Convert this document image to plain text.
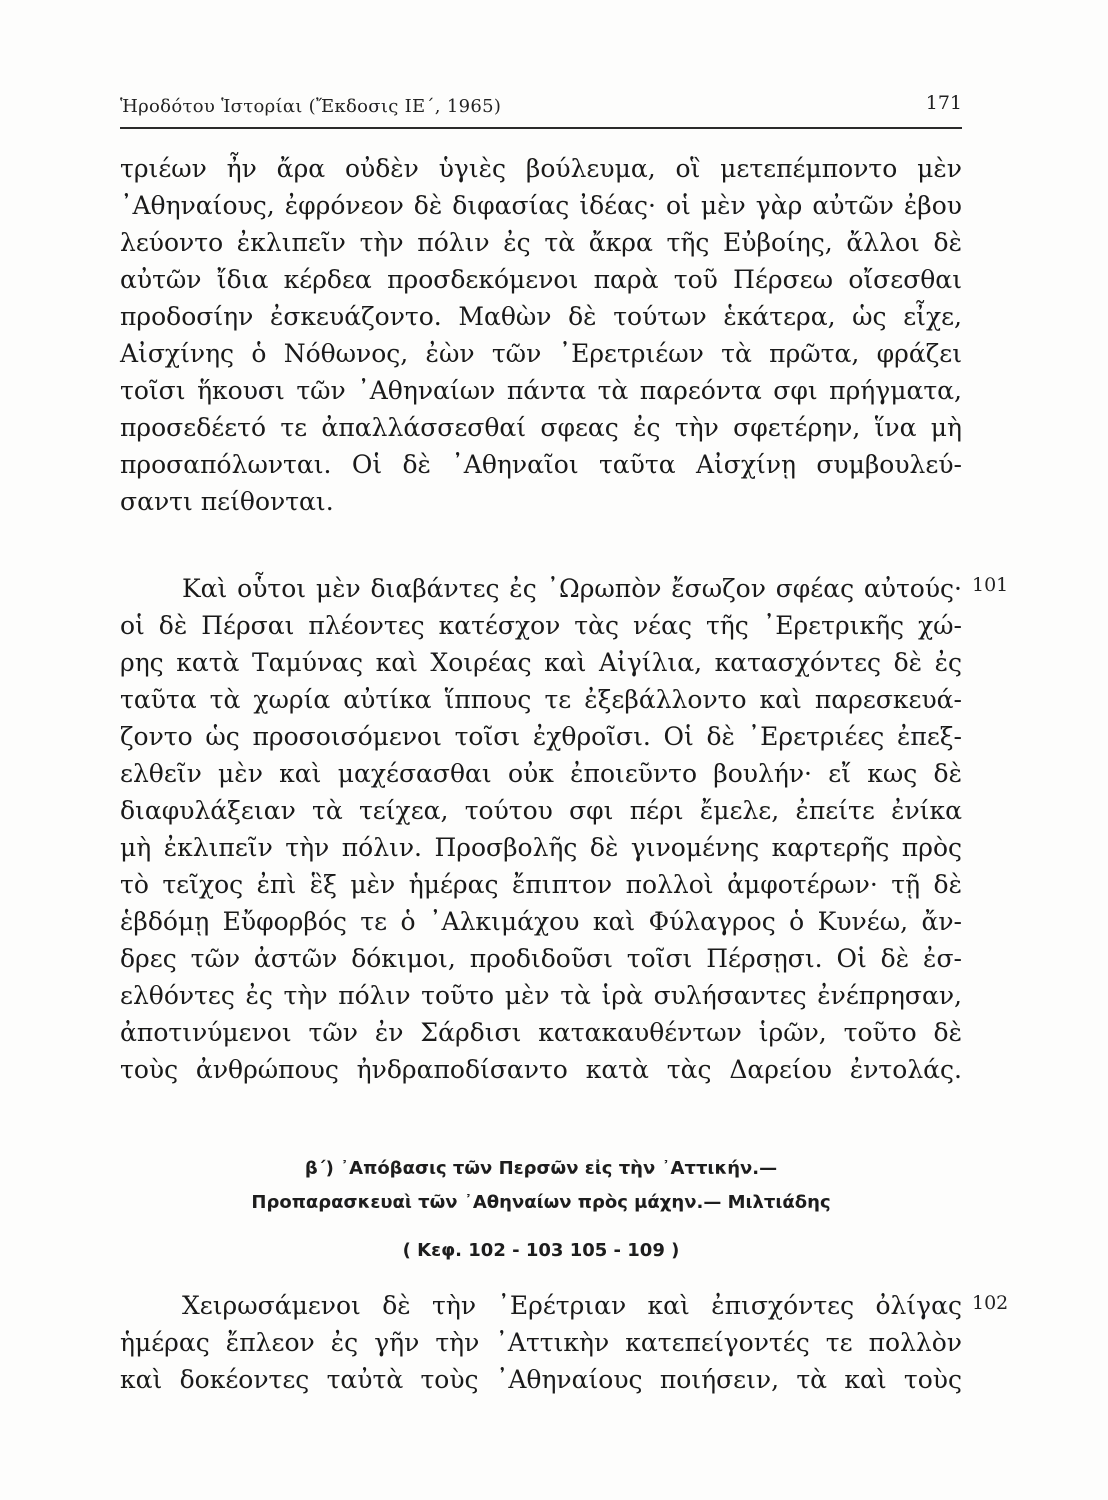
Ἡροδότου Ἱστορίαι (Ἔκδοσις ΙΕ΄, 1965)	171
τριέων ἦν ἄρα οὐδὲν ὑγιὲς βούλευμα, οἳ μετεπέμποντο μὲν
᾽Αθηναίους, ἐφρόνεον δὲ διφασίας ἰδέας· οἱ μὲν γὰρ αὐτῶν ἐβου
λεύοντο ἐκλιπεῖν τὴν πόλιν ἐς τὰ ἄκρα τῆς Εὐβοίης, ἄλλοι δὲ
αὐτῶν ἴδια κέρδεα προσδεκόμενοι παρὰ τοῦ Πέρσεω οἴσεσθαι
προδοσίην ἐσκευάζοντο. Μαθὼν δὲ τούτων ἑκάτερα, ὡς εἶχε,
Αἰσχίνης ὁ Νόθωνος, ἐὼν τῶν ᾽Ερετριέων τὰ πρῶτα, φράζει
τοῖσι ἥκουσι τῶν ᾽Αθηναίων πάντα τὰ παρεόντα σφι πρήγματα,
προσεδέετό τε ἀπαλλάσσεσθαί σφεας ἐς τὴν σφετέρην, ἵνα μὴ
προσαπόλωνται. Οἱ δὲ ᾽Αθηναῖοι ταῦτα Αἰσχίνῃ συμβουλεύ-
σαντι πείθονται.
101
Καὶ οὗτοι μὲν διαβάντες ἐς ᾽Ωρωπὸν ἔσωζον σφέας αὐτούς·
οἱ δὲ Πέρσαι πλέοντες κατέσχον τὰς νέας τῆς ᾽Ερετρικῆς χώ-
ρης κατὰ Ταμύνας καὶ Χοιρέας καὶ Αἰγίλια, κατασχόντες δὲ ἐς
ταῦτα τὰ χωρία αὐτίκα ἵππους τε ἐξεβάλλοντο καὶ παρεσκευά-
ζοντο ὡς προσοισόμενοι τοῖσι ἐχθροῖσι. Οἱ δὲ ᾽Ερετριέες ἐπεξ-
ελθεῖν μὲν καὶ μαχέσασθαι οὐκ ἐποιεῦντο βουλήν· εἴ κως δὲ
διαφυλάξειαν τὰ τείχεα, τούτου σφι πέρι ἔμελε, ἐπείτε ἐνίκα
μὴ ἐκλιπεῖν τὴν πόλιν. Προσβολῆς δὲ γινομένης καρτερῆς πρὸς
τὸ τεῖχος ἐπὶ ἓξ μὲν ἡμέρας ἔπιπτον πολλοὶ ἀμφοτέρων· τῇ δὲ
ἑβδόμῃ Εὔφορβός τε ὁ ᾽Αλκιμάχου καὶ Φύλαγρος ὁ Κυνέω, ἄν-
δρες τῶν ἀστῶν δόκιμοι, προδιδοῦσι τοῖσι Πέρσῃσι. Οἱ δὲ ἐσ-
ελθόντες ἐς τὴν πόλιν τοῦτο μὲν τὰ ἱρὰ συλήσαντες ἐνέπρησαν,
ἀποτινύμενοι τῶν ἐν Σάρδισι κατακαυθέντων ἱρῶν, τοῦτο δὲ
τοὺς ἀνθρώπους ἠνδραποδίσαντο κατὰ τὰς Δαρείου ἐντολάς.
β΄) ᾽Απόβασις τῶν Περσῶν εἰς τὴν ᾽Αττικήν.—
Προπαρασκευαὶ τῶν ᾽Αθηναίων πρὸς μάχην.— Μιλτιάδης
( Κεφ. 102 - 103 105 - 109 )
102
Χειρωσάμενοι δὲ τὴν ᾽Ερέτριαν καὶ ἐπισχόντες ὀλίγας
ἡμέρας ἔπλεον ἐς γῆν τὴν ᾽Αττικὴν κατεπείγοντές τε πολλὸν
καὶ δοκέοντες ταὐτὰ τοὺς ᾽Αθηναίους ποιήσειν, τὰ καὶ τοὺς
